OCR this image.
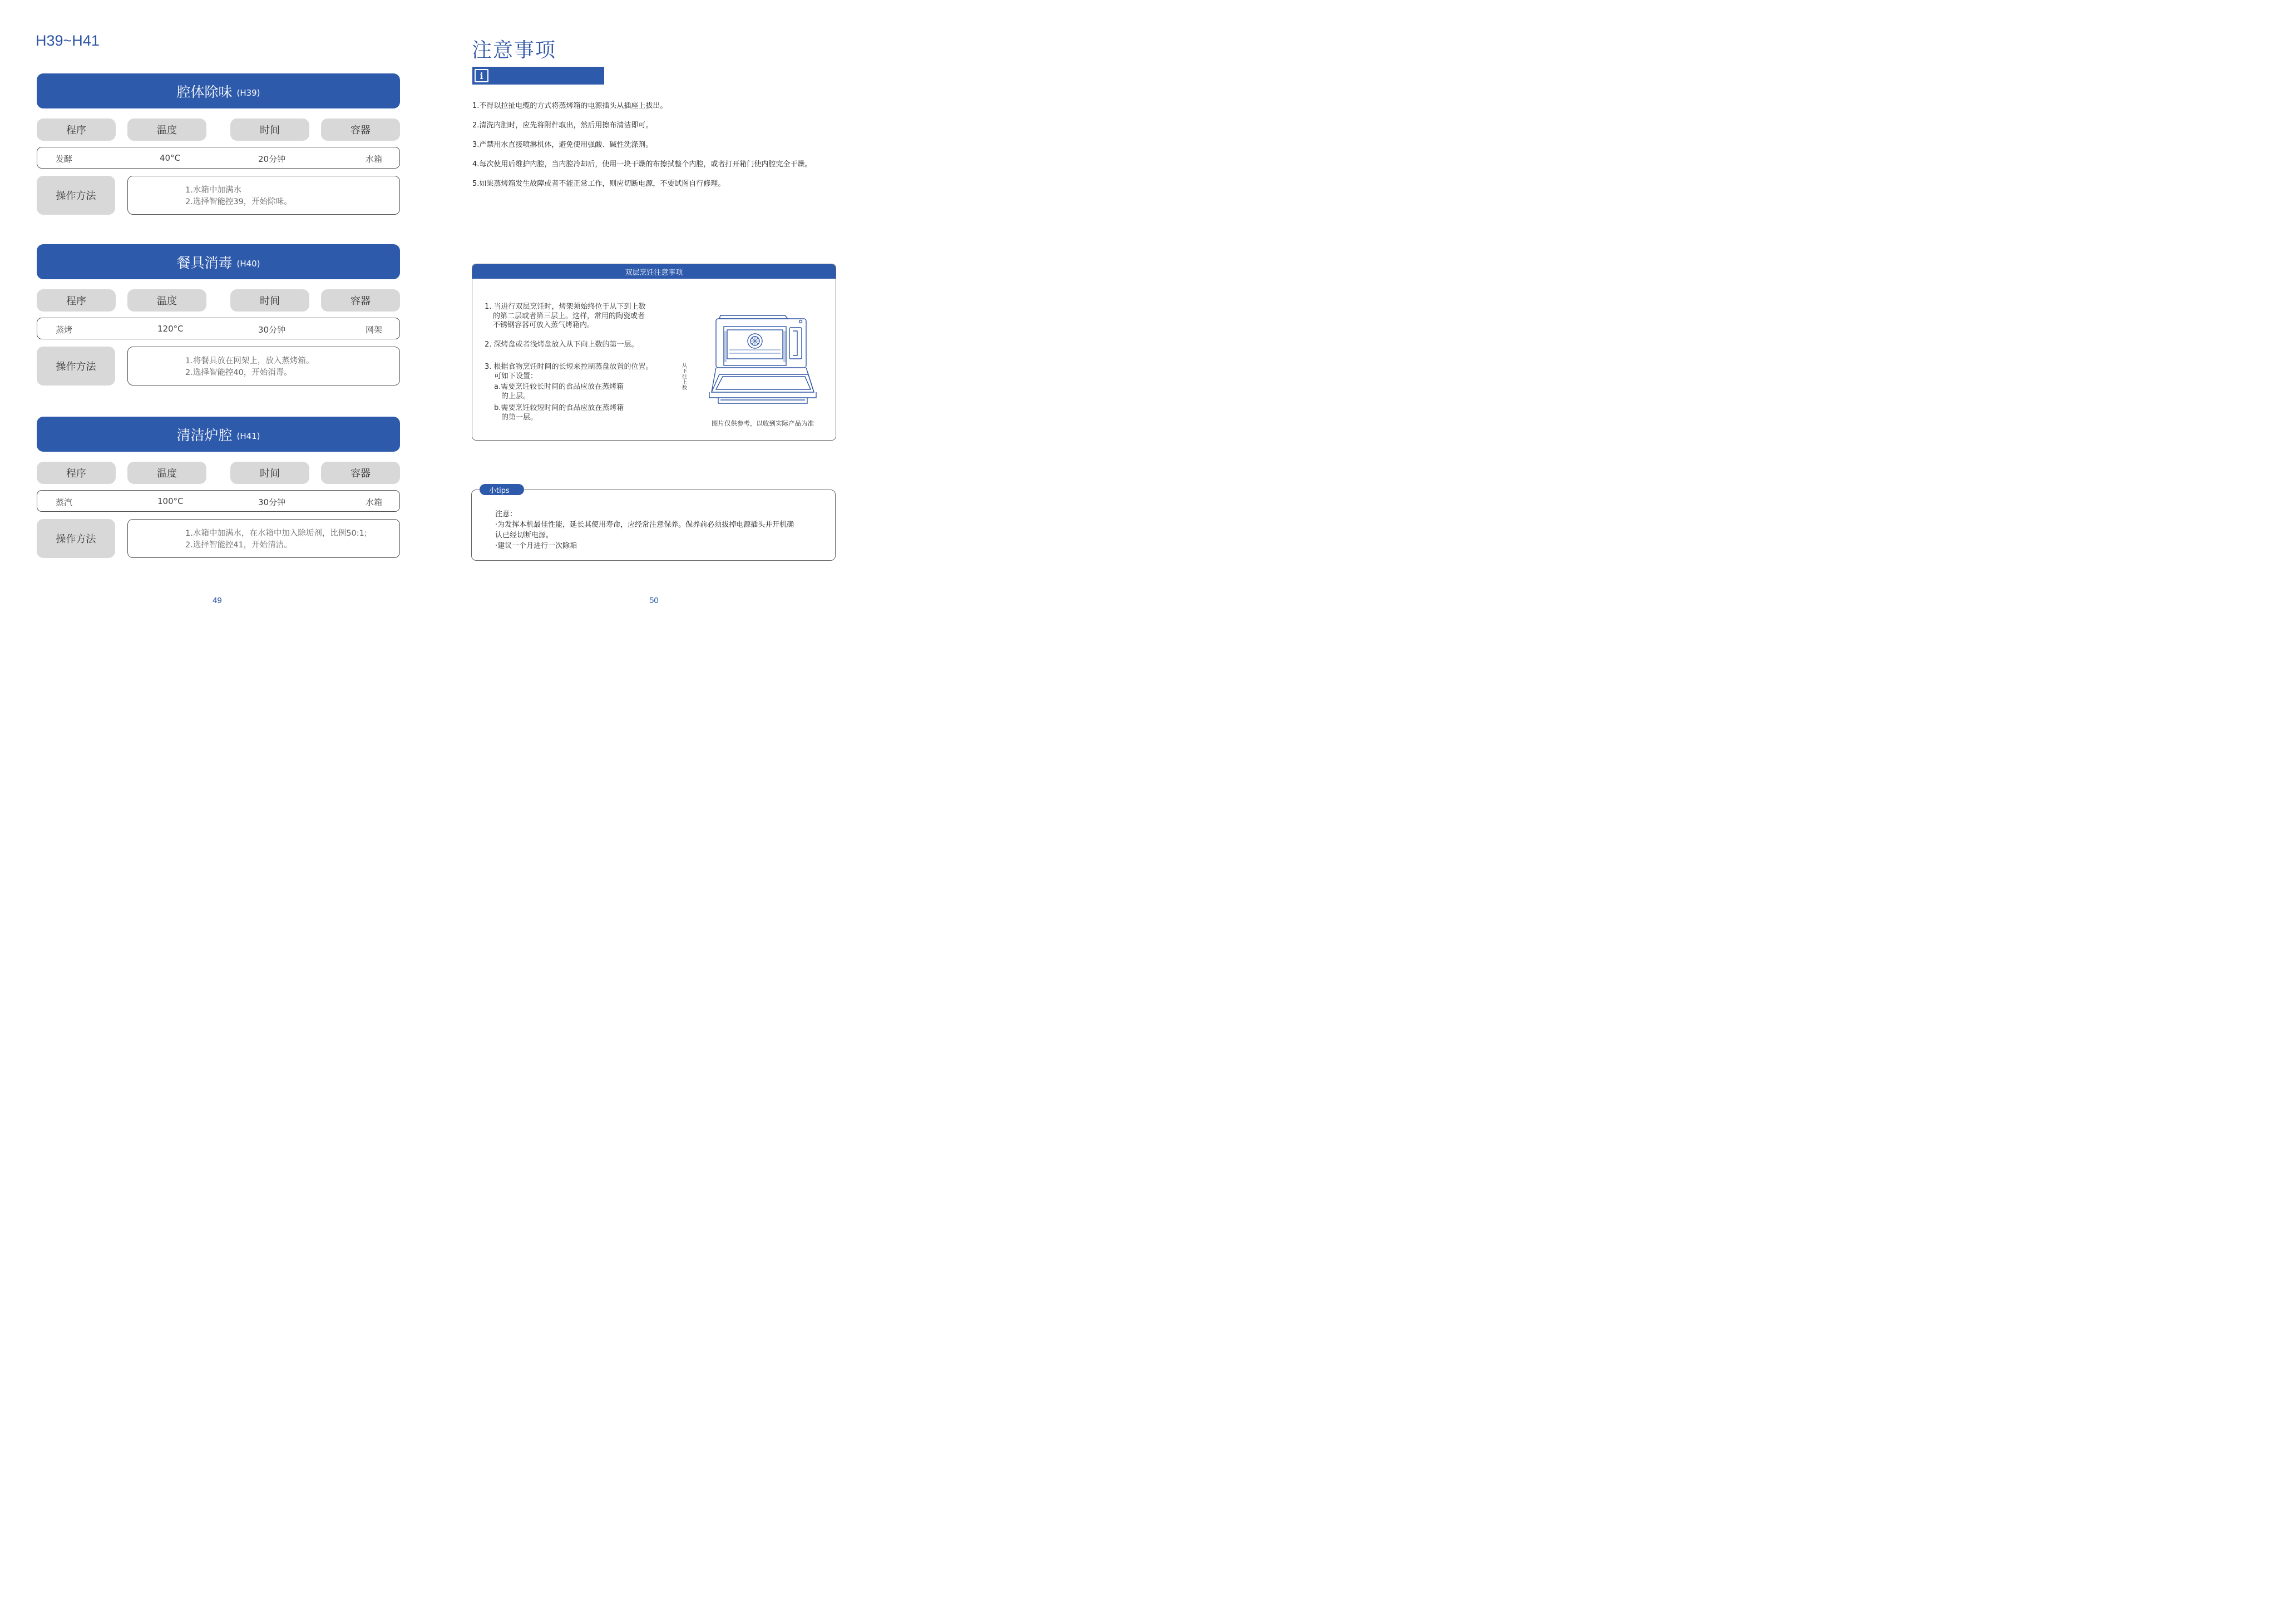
H39~H41
腔体除味 (H39)
程序	温度	时间	容器
发酵	40°C	20分钟	水箱
操作方法	1.水箱中加满水
2.选择智能控39，开始除味。
餐具消毒 (H40)
程序	温度	时间	容器
蒸烤	120°C	30分钟	网架
操作方法	1.将餐具放在网架上，放入蒸烤箱。
2.选择智能控40，开始消毒。
清洁炉腔 (H41)
程序	温度	时间	容器
蒸汽	100°C	30分钟	水箱
操作方法	1.水箱中加满水，在水箱中加入除垢剂，比例50:1;
2.选择智能控41，开始清洁。
49
注意事项
i
1.不得以拉扯电缆的方式将蒸烤箱的电源插头从插座上拔出。
2.清洗内胆时，应先将附件取出，然后用擦布清洁即可。
3.严禁用水直接喷淋机体，避免使用强酸、碱性洗涤剂。
4.每次使用后维护内腔，当内腔冷却后，使用一块干燥的布擦拭整个内腔，或者打开箱门使内腔完全干燥。
5.如果蒸烤箱发生故障或者不能正常工作，则应切断电源，不要试图自行修理。
双层烹饪注意事项
1. 当进行双层烹饪时，烤架须始终位于从下到上数
的第二层或者第三层上。这样，常用的陶瓷或者
不锈钢容器可放入蒸气烤箱内。
2. 深烤盘或者浅烤盘放入从下向上数的第一层。
3. 根据食物烹饪时间的长短来控制蒸盘放置的位置。
可如下设置：
a.需要烹饪较长时间的食品应放在蒸烤箱
的上层。
b.需要烹饪较短时间的食品应放在蒸烤箱
的第一层。
从下往上数
图片仅供参考，以收到实际产品为准
小tips
注意：
·为发挥本机最佳性能，延长其使用寿命，应经常注意保养。保养前必须拔掉电源插头并开机确
认已经切断电源。
·建议一个月进行一次除垢
50
